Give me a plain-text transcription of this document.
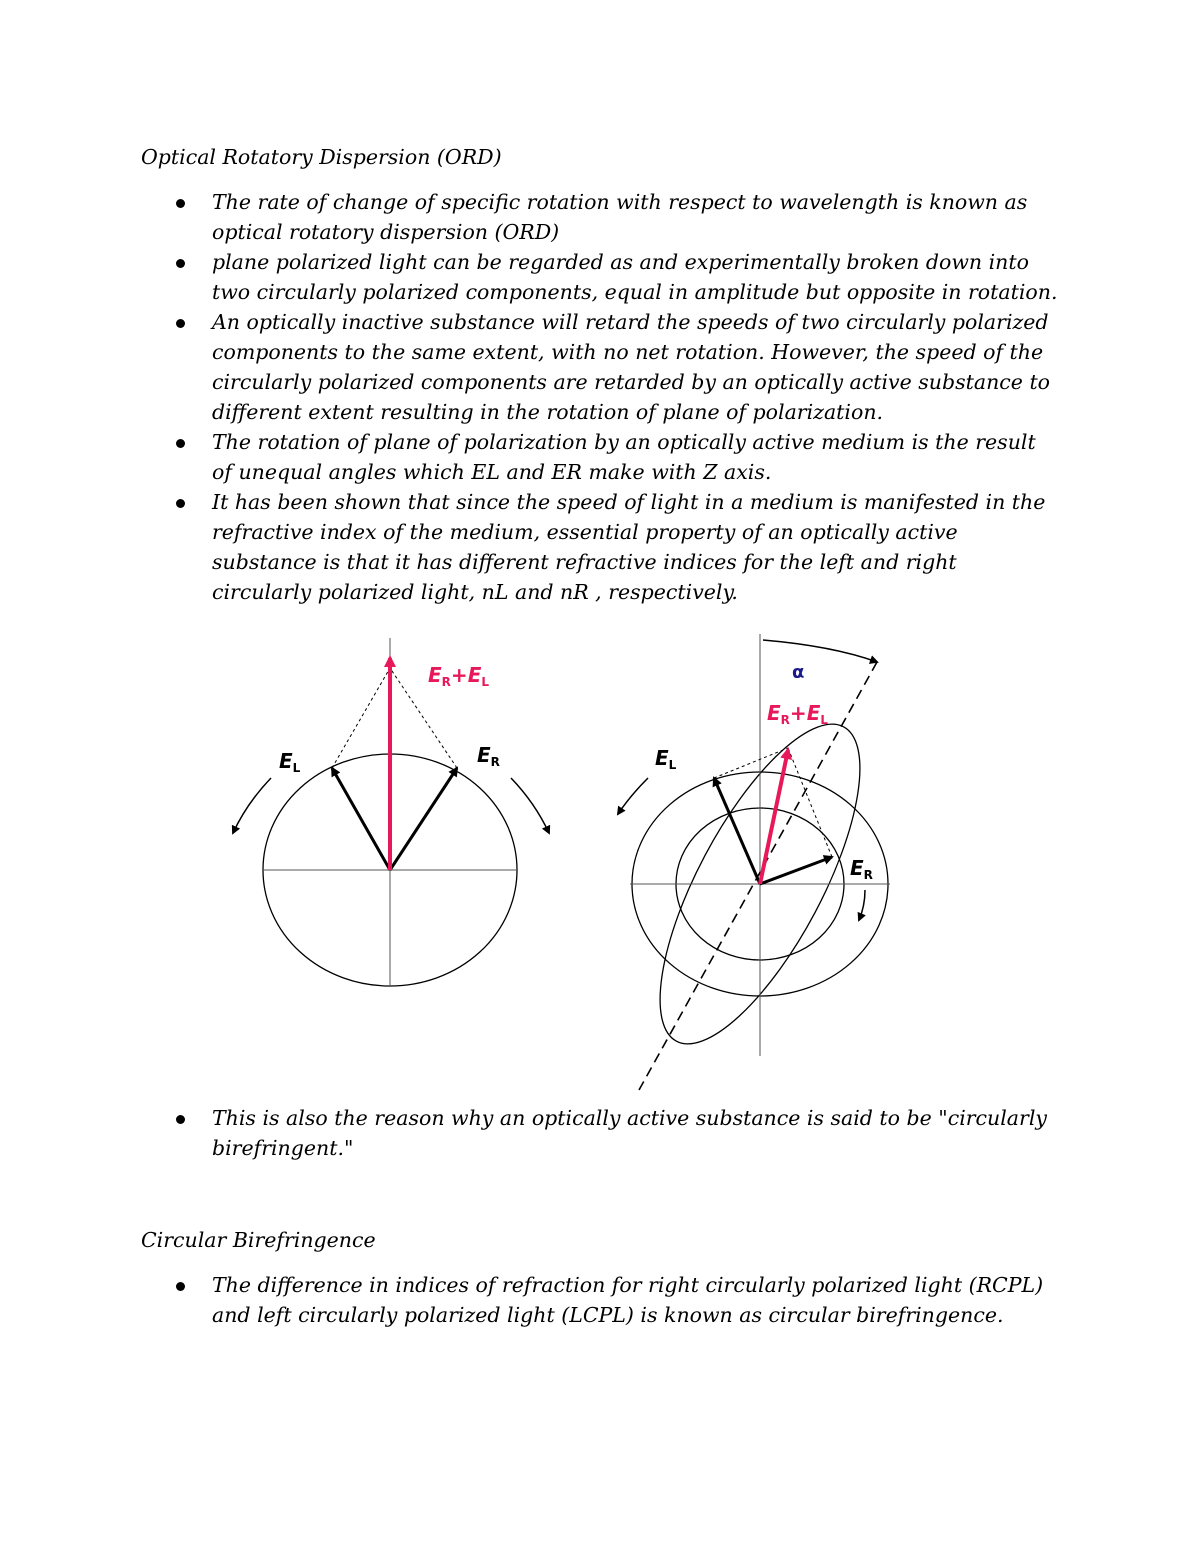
Optical Rotatory Dispersion (ORD)
The rate of change of specific rotation with respect to wavelength is known as optical rotatory dispersion (ORD)
plane polarized light can be regarded as and experimentally broken down into two circularly polarized components, equal in amplitude but opposite in rotation.
An optically inactive substance will retard the speeds of two circularly polarized components to the same extent, with no net rotation. However, the speed of the circularly polarized components are retarded by an optically active substance to different extent resulting in the rotation of plane of polarization.
The rotation of plane of polarization by an optically active medium is the result of unequal angles which EL and ER make with Z axis.
It has been shown that since the speed of light in a medium is manifested in the refractive index of the medium, essential property of an optically active substance is that it has different refractive indices for the left and right circularly polarized light, nL and nR , respectively.
$E_R+E_L$
$E_L$
$E_R$
α
$E_R+E_L$
$E_L$
$E_R$
This is also the reason why an optically active substance is said to be "circularly birefringent."
Circular Birefringence
The difference in indices of refraction for right circularly polarized light (RCPL) and left circularly polarized light (LCPL) is known as circular birefringence.
